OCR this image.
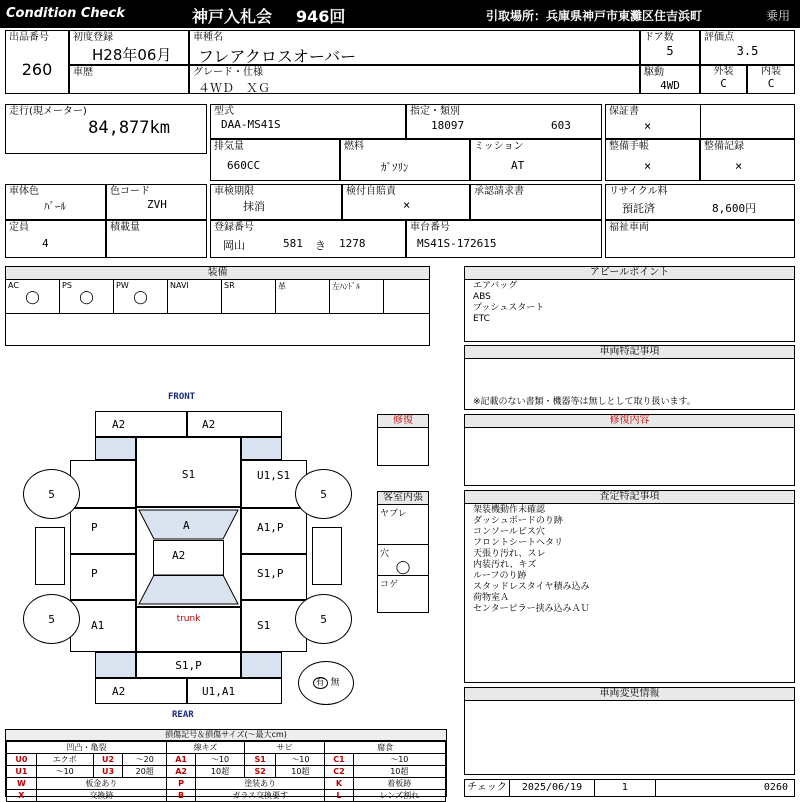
Condition Check	神戸入札会 946回	引取場所：兵庫県神戸市東灘区住吉浜町	乗用
出品番号
260
初度登録
H28年06月
車歴
車種名
フレアクロスオーバー
グレード・仕様
４ＷＤ　ＸＧ
ドア数
5
評価点
3.5
駆動
4WD
外装
C
内装
C
走行(現メーター)
84,877km
型式
DAA-MS41S
指定・類別
18097	603
保証書
×
排気量
660CC
燃料
ｶﾞｿﾘﾝ
ミッション
AT
整備手帳
×
整備記録
×
車体色
ﾊﾟｰﾙ
色コード
ZVH
定員
4
積載量
車検期限
抹消
検付自賠責
×
承認請求書
登録番号
岡山	581 き 1278
車台番号
MS41S-172615
リサイクル料
預託済	8,600円
福祉車両
装備
AC
◯
PS
◯
PW
◯
NAVI	SR	革	左ﾊﾝﾄﾞﾙ
アピールポイント
エアバッグ
ABS
プッシュスタート
ETC
車両特記事項
※記載のない書類・機器等は無しとして取り扱います。
修復内容
査定特記事項
架装機動作未確認
ダッシュボードのり跡
コンソールビス穴
フロントシートヘタリ
天張り汚れ、スレ
内装汚れ、キズ
ルーフのり跡
スタッドレスタイヤ積み込み
荷物室Ａ
センターピラー挟み込みＡＵ
車両変更情報
チェック	2025/06/19	1	0260
修復
客室内張
ヤブレ
穴
◯
コゲ
FRONT
REAR
A2	A2
S1	U1,S1
P
P
A1
A1,P
S1,P
S1
A
A2
trunk
S1,P
A2	U1,A1
5	5
5	5
有 無
損傷記号＆損傷サイズ(〜最大cm)
凹凸・亀裂				線キズ		サビ		腐食	
U0	エクボ	U2	〜20	A1	〜10	S1	〜10	C1	〜10
U1	〜10	U3	20超	A2	10超	S2	10超	C2	10超
W	板金あり			P	塗装あり			K	着板跡
X	交換跡			B	ガラス交換要す			L	レンズ割れ
